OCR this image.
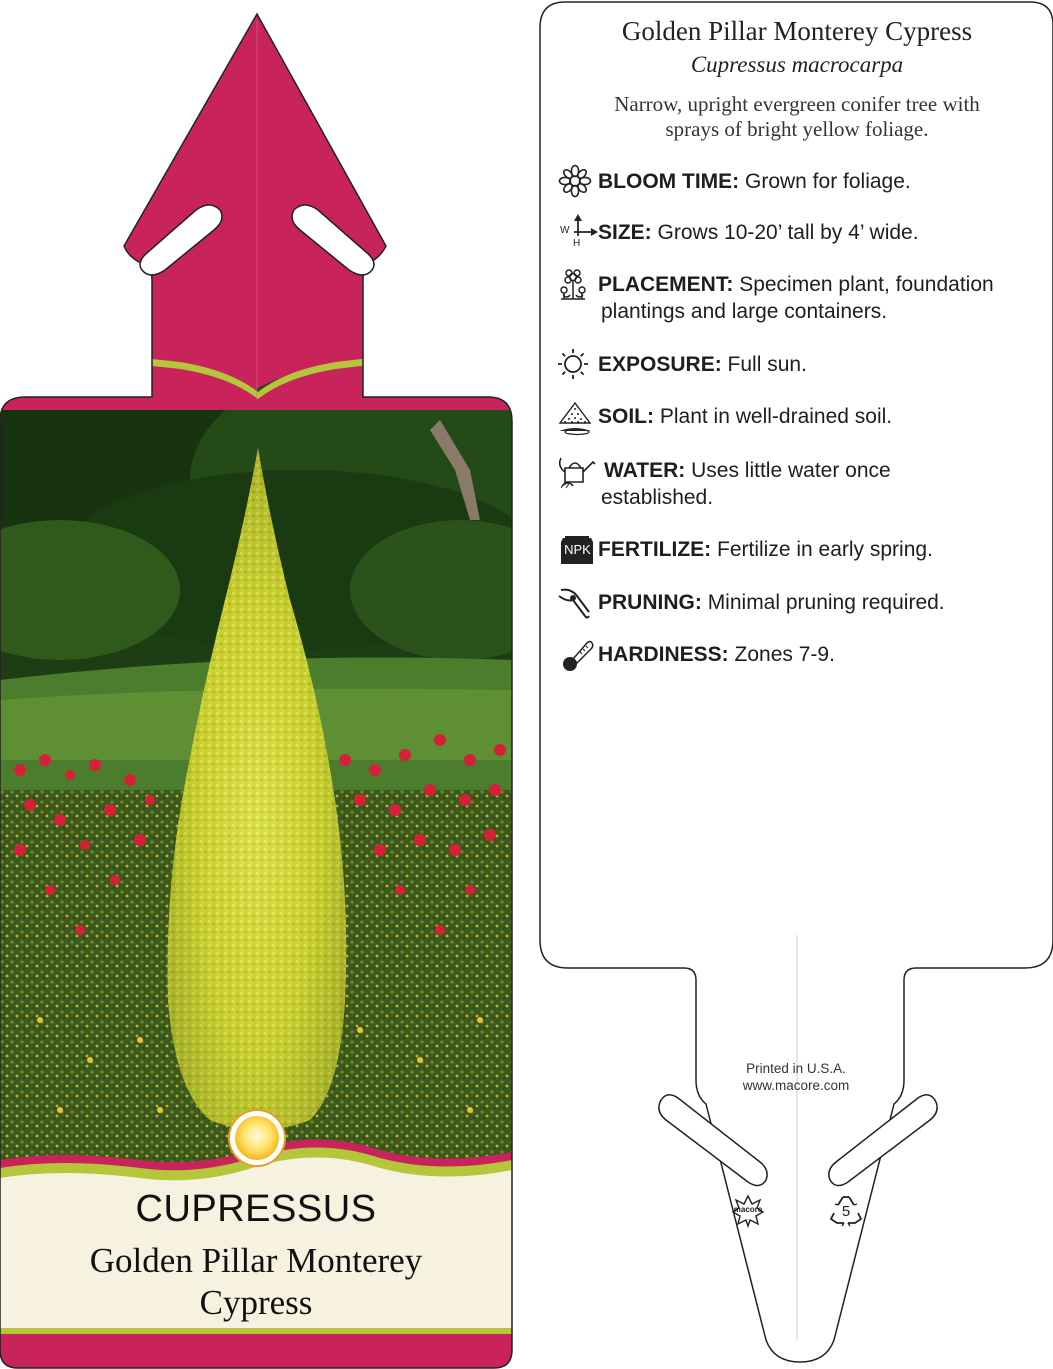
CUPRESSUS
Golden Pillar Monterey
Cypress
Golden Pillar Monterey Cypress
Cupressus macrocarpa
Narrow, upright evergreen conifer tree with
sprays of bright yellow foliage.
BLOOM TIME: Grown for foliage.
SIZE: Grows 10-20’ tall by 4’ wide.
PLACEMENT: Specimen plant, foundation
plantings and large containers.
EXPOSURE: Full sun.
SOIL: Plant in well-drained soil.
WATER: Uses little water once
established.
FERTILIZE: Fertilize in early spring.
PRUNING: Minimal pruning required.
HARDINESS: Zones 7-9.
W
H
NPK
macore	5
Printed in U.S.A.
www.macore.com
